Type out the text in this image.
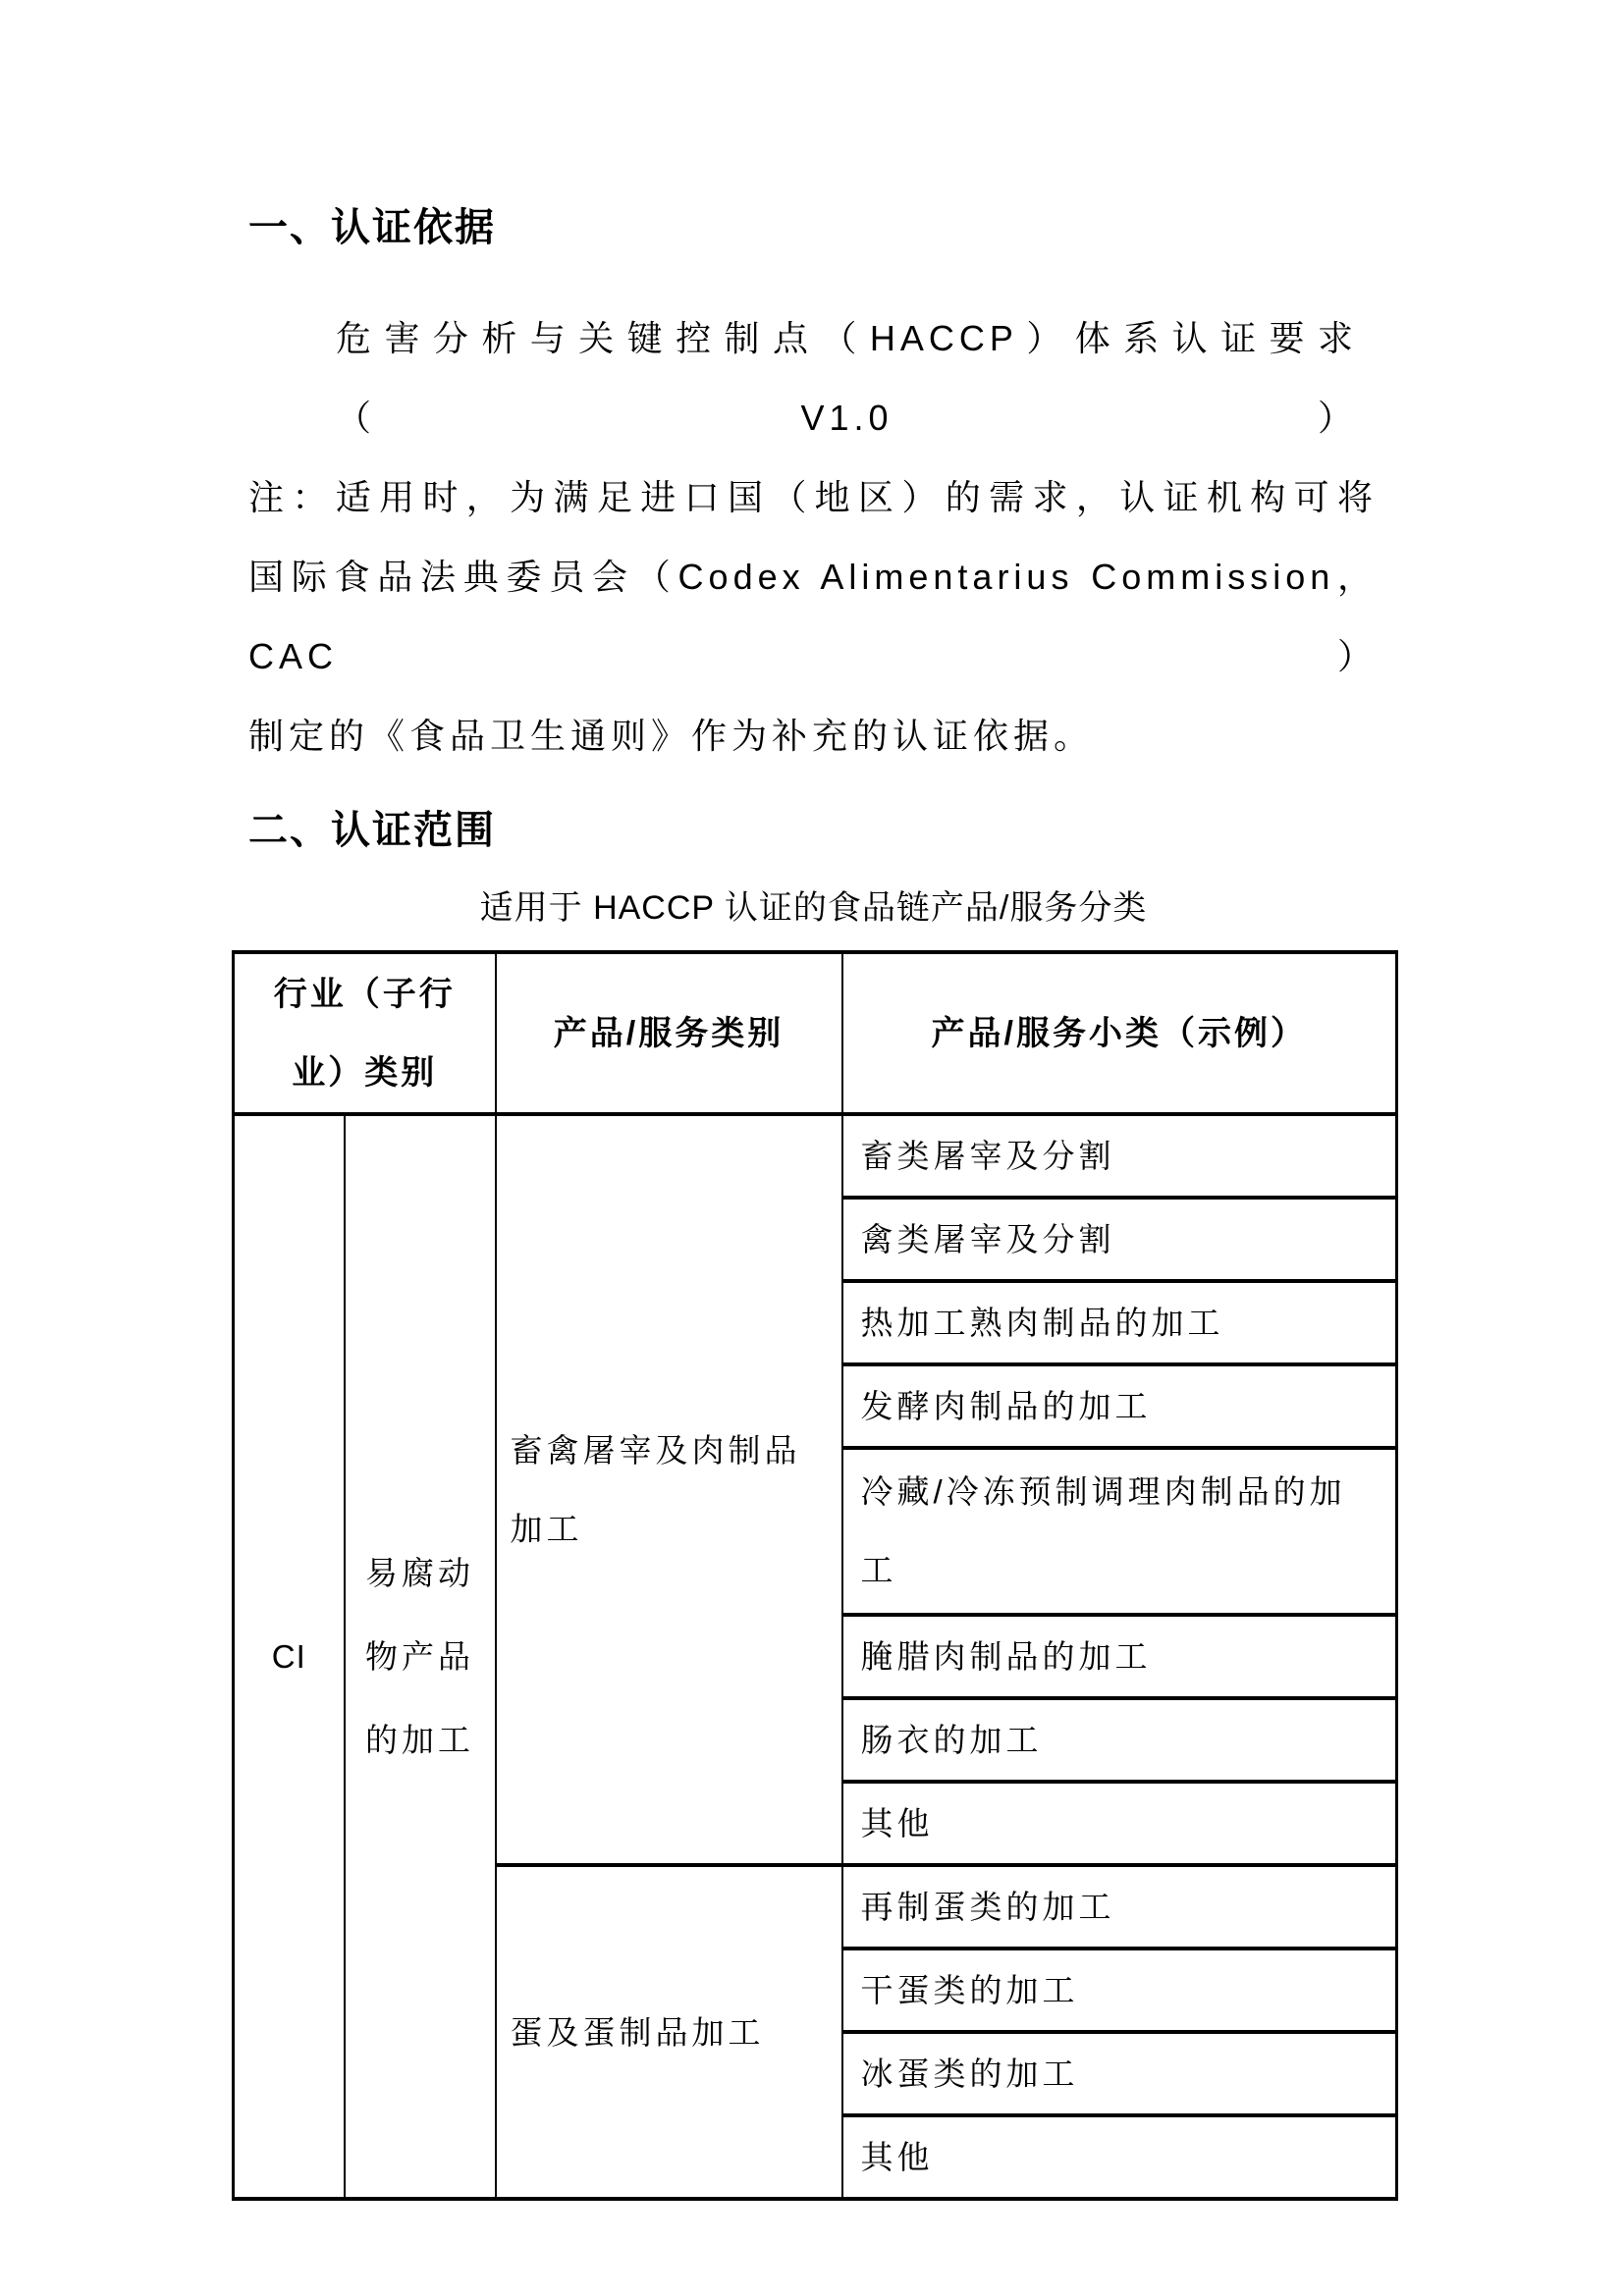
一、认证依据
危害分析与关键控制点（HACCP）体系认证要求（V1.0）
注：适用时，为满足进口国（地区）的需求，认证机构可将
国际食品法典委员会（Codex Alimentarius Commission，CAC）
制定的《食品卫生通则》作为补充的认证依据。
二、认证范围
适用于 HACCP 认证的食品链产品/服务分类
行业（子行业）类别		产品/服务类别	产品/服务小类（示例）
CI	易腐动物产品的加工	畜禽屠宰及肉制品加工	畜类屠宰及分割
			禽类屠宰及分割
			热加工熟肉制品的加工
			发酵肉制品的加工
			冷藏/冷冻预制调理肉制品的加工
			腌腊肉制品的加工
			肠衣的加工
			其他
		蛋及蛋制品加工	再制蛋类的加工
			干蛋类的加工
			冰蛋类的加工
			其他
